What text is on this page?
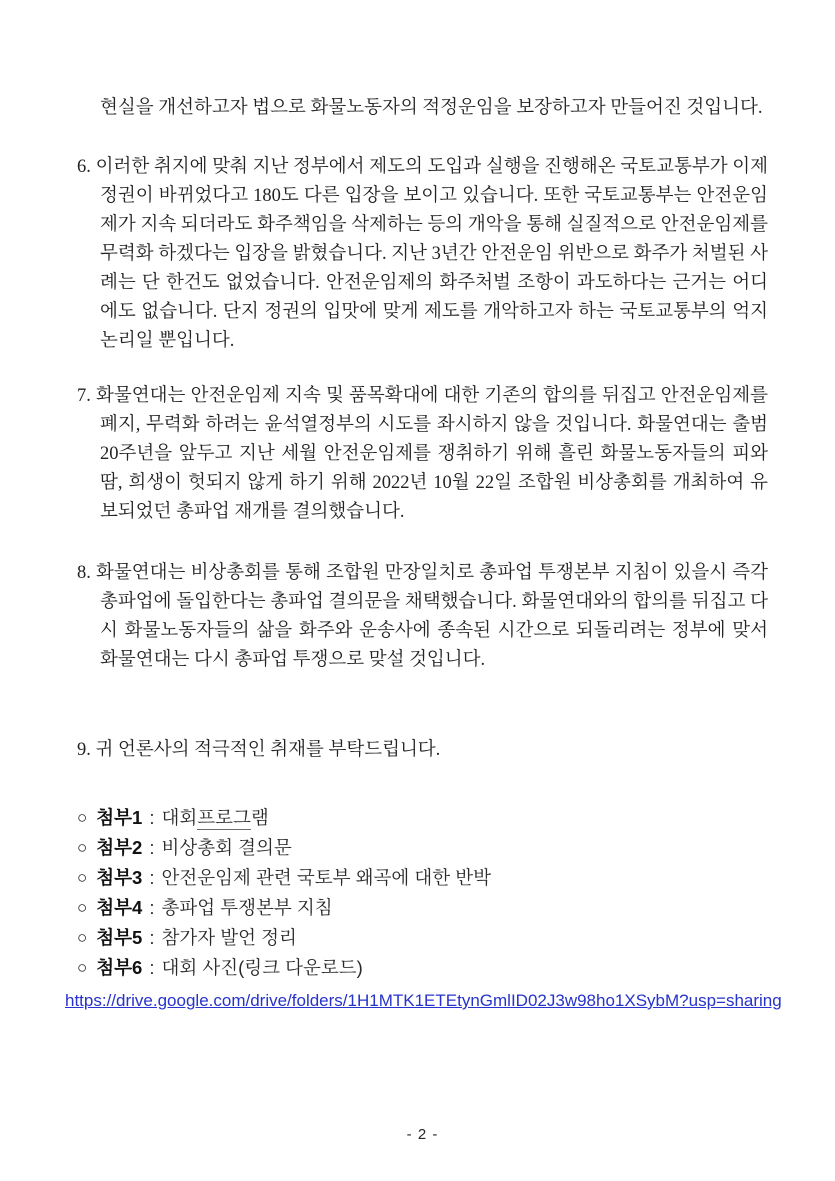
현실을 개선하고자 법으로 화물노동자의 적정운임을 보장하고자 만들어진 것입니다.

6. 이러한 취지에 맞춰 지난 정부에서 제도의 도입과 실행을 진행해온 국토교통부가 이제 정권이 바뀌었다고 180도 다른 입장을 보이고 있습니다. 또한 국토교통부는 안전운임제가 지속 되더라도 화주책임을 삭제하는 등의 개악을 통해 실질적으로 안전운임제를 무력화 하겠다는 입장을 밝혔습니다. 지난 3년간 안전운임 위반으로 화주가 처벌된 사례는 단 한건도 없었습니다. 안전운임제의 화주처벌 조항이 과도하다는 근거는 어디에도 없습니다. 단지 정권의 입맛에 맞게 제도를 개악하고자 하는 국토교통부의 억지 논리일 뿐입니다.

7. 화물연대는 안전운임제 지속 및 품목확대에 대한 기존의 합의를 뒤집고 안전운임제를 폐지, 무력화 하려는 윤석열정부의 시도를 좌시하지 않을 것입니다. 화물연대는 출범 20주년을 앞두고 지난 세월 안전운임제를 쟁취하기 위해 흘린 화물노동자들의 피와 땀, 희생이 헛되지 않게 하기 위해 2022년 10월 22일 조합원 비상총회를 개최하여 유보되었던 총파업 재개를 결의했습니다.

8. 화물연대는 비상총회를 통해 조합원 만장일치로 총파업 투쟁본부 지침이 있을시 즉각 총파업에 돌입한다는 총파업 결의문을 채택했습니다. 화물연대와의 합의를 뒤집고 다시 화물노동자들의 삶을 화주와 운송사에 종속된 시간으로 되돌리려는 정부에 맞서 화물연대는 다시 총파업 투쟁으로 맞설 것입니다.

9. 귀 언론사의 적극적인 취재를 부탁드립니다.

○ 첨부1 : 대회프로그램
○ 첨부2 : 비상총회 결의문
○ 첨부3 : 안전운임제 관련 국토부 왜곡에 대한 반박
○ 첨부4 : 총파업 투쟁본부 지침
○ 첨부5 : 참가자 발언 정리
○ 첨부6 : 대회 사진(링크 다운로드)
https://drive.google.com/drive/folders/1H1MTK1ETEtynGmlID02J3w98ho1XSybM?usp=sharing
- 2 -
